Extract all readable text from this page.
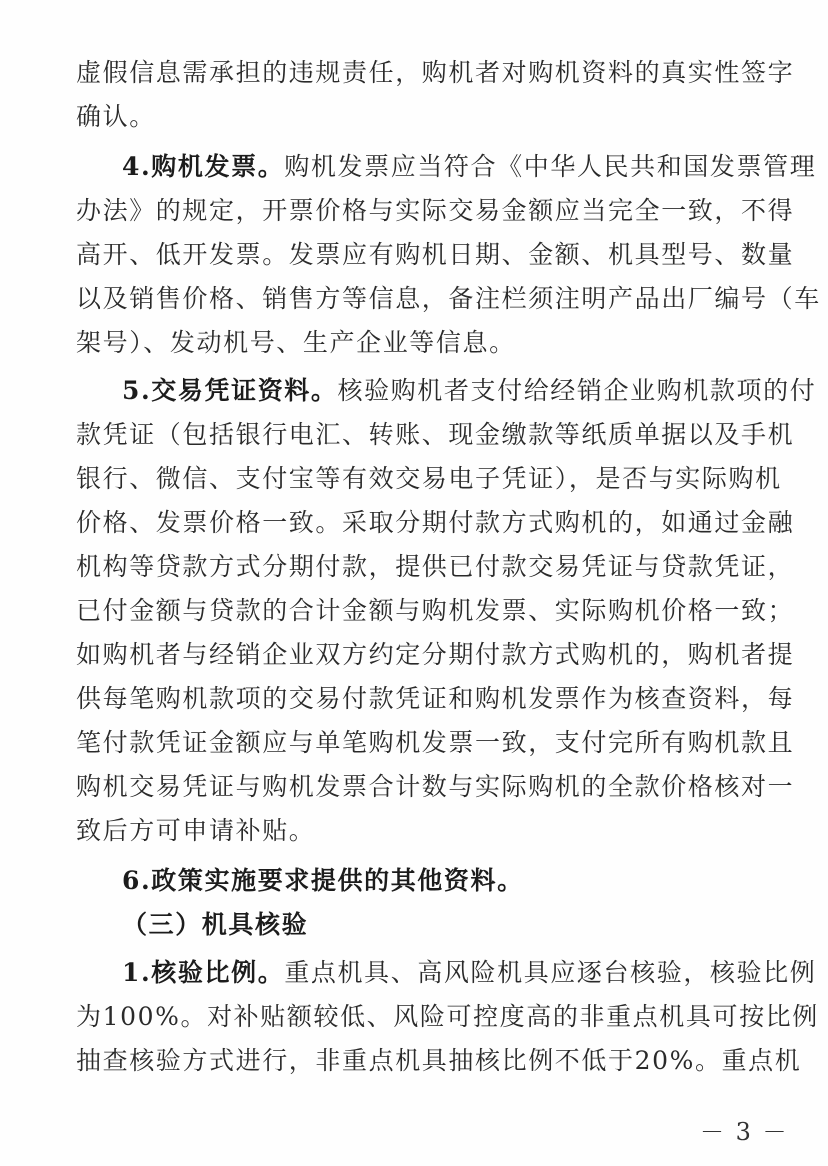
虚假信息需承担的违规责任，购机者对购机资料的真实性签字
确认。
4.购机发票。购机发票应当符合《中华人民共和国发票管理
办法》的规定，开票价格与实际交易金额应当完全一致，不得
高开、低开发票。发票应有购机日期、金额、机具型号、数量
以及销售价格、销售方等信息，备注栏须注明产品出厂编号（车
架号）、发动机号、生产企业等信息。
5.交易凭证资料。核验购机者支付给经销企业购机款项的付
款凭证（包括银行电汇、转账、现金缴款等纸质单据以及手机
银行、微信、支付宝等有效交易电子凭证），是否与实际购机
价格、发票价格一致。采取分期付款方式购机的，如通过金融
机构等贷款方式分期付款，提供已付款交易凭证与贷款凭证，
已付金额与贷款的合计金额与购机发票、实际购机价格一致；
如购机者与经销企业双方约定分期付款方式购机的，购机者提
供每笔购机款项的交易付款凭证和购机发票作为核查资料，每
笔付款凭证金额应与单笔购机发票一致，支付完所有购机款且
购机交易凭证与购机发票合计数与实际购机的全款价格核对一
致后方可申请补贴。
6.政策实施要求提供的其他资料。
（三）机具核验
1.核验比例。重点机具、高风险机具应逐台核验，核验比例
为100%。对补贴额较低、风险可控度高的非重点机具可按比例
抽查核验方式进行，非重点机具抽核比例不低于20%。重点机
－ 3 －
